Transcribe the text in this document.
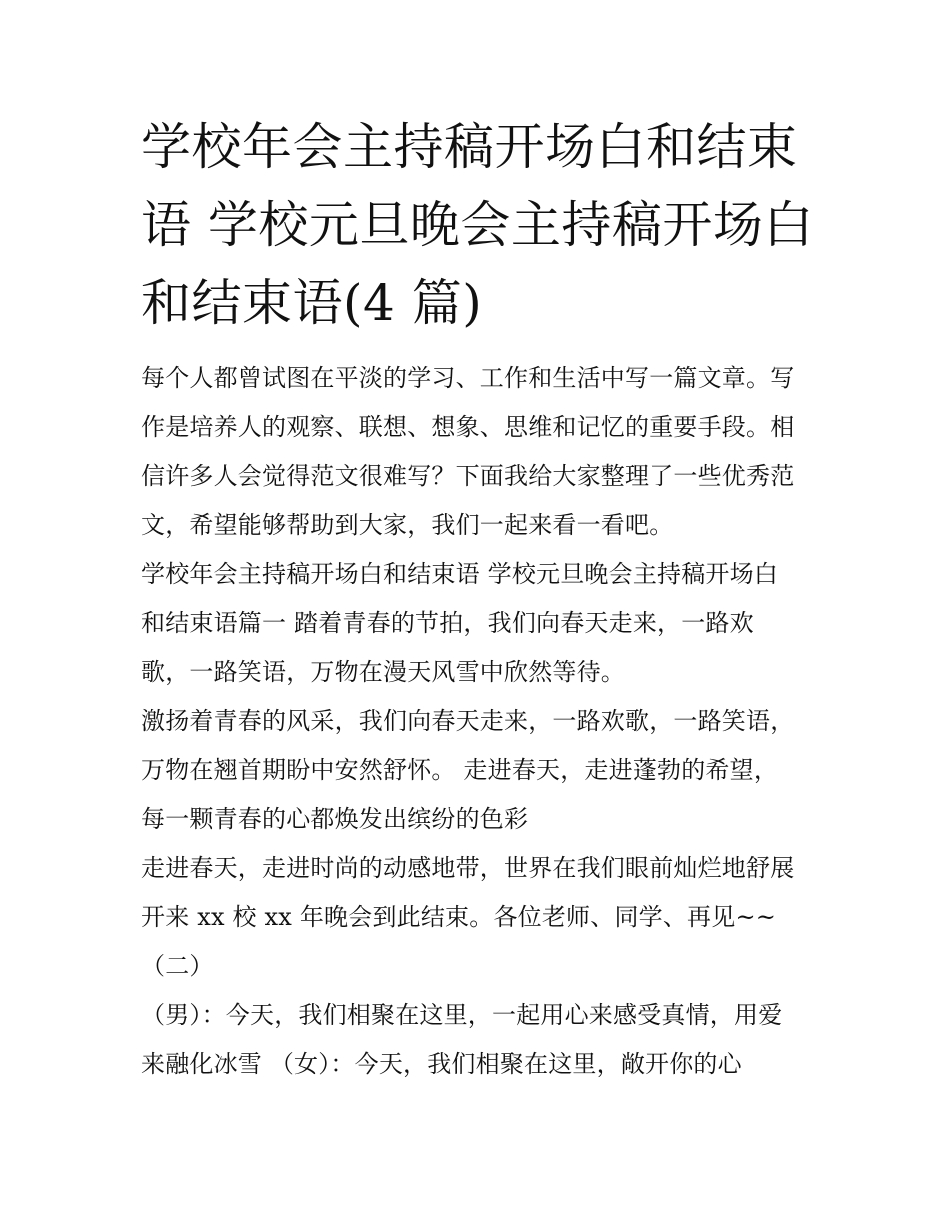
学校年会主持稿开场白和结束
语 学校元旦晚会主持稿开场白
和结束语(4 篇)
每个人都曾试图在平淡的学习、工作和生活中写一篇文章。写
作是培养人的观察、联想、想象、思维和记忆的重要手段。相
信许多人会觉得范文很难写？下面我给大家整理了一些优秀范
文，希望能够帮助到大家，我们一起来看一看吧。
学校年会主持稿开场白和结束语 学校元旦晚会主持稿开场白
和结束语篇一 踏着青春的节拍，我们向春天走来，一路欢
歌，一路笑语，万物在漫天风雪中欣然等待。
激扬着青春的风采，我们向春天走来，一路欢歌，一路笑语，
万物在翘首期盼中安然舒怀。 走进春天，走进蓬勃的希望，
每一颗青春的心都焕发出缤纷的色彩
走进春天，走进时尚的动感地带，世界在我们眼前灿烂地舒展
开来 xx 校 xx 年晚会到此结束。各位老师、同学、再见~~
（二）
（男）：今天，我们相聚在这里，一起用心来感受真情，用爱
来融化冰雪 （女）：今天，我们相聚在这里，敞开你的心
